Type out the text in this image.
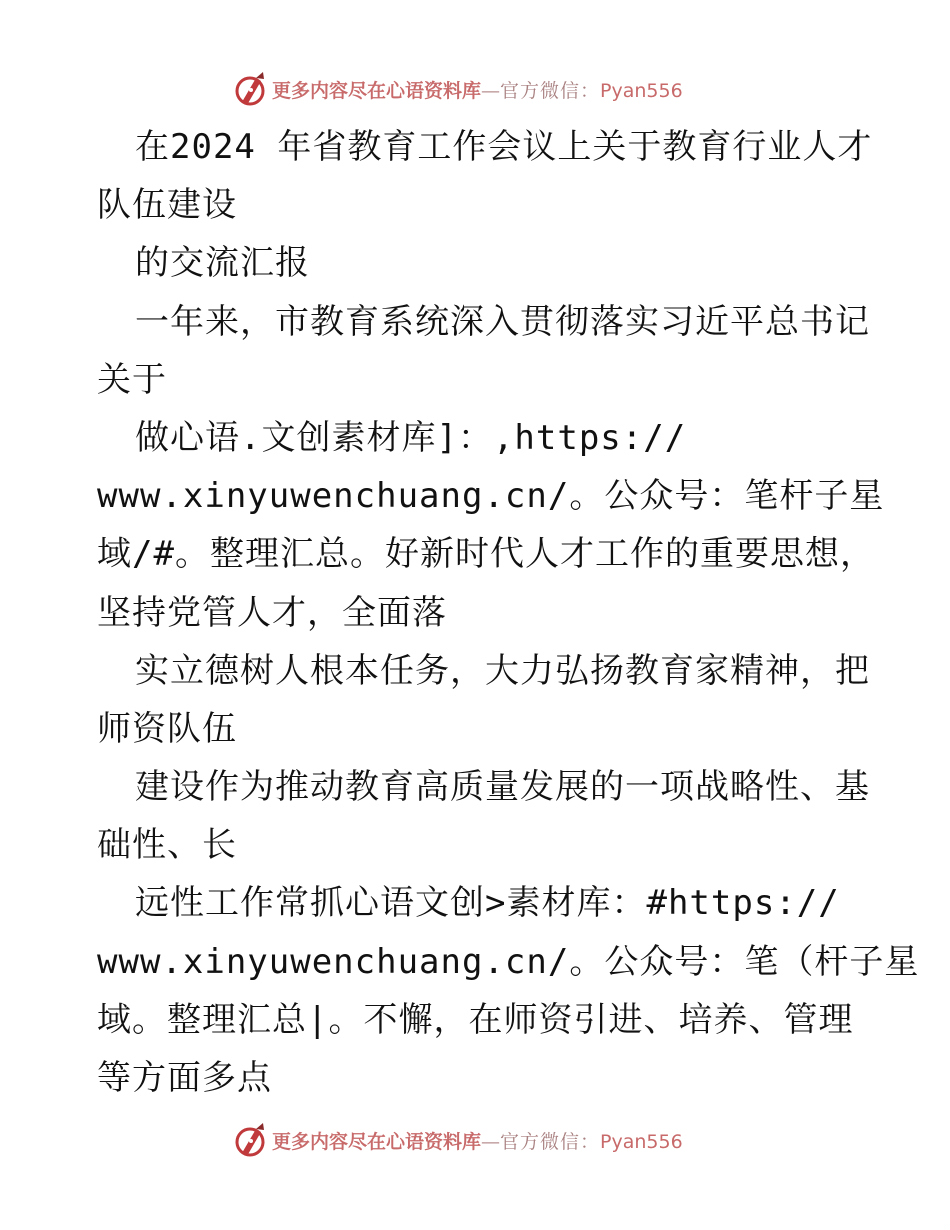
更多内容尽在心语资料库—官方微信：Pyan556
在2024 年省教育工作会议上关于教育行业人才
队伍建设
的交流汇报
一年来，市教育系统深入贯彻落实习近平总书记
关于
做心语.文创素材库]：,https://
www.xinyuwenchuang.cn/。公众号：笔杆子星
域/#。整理汇总。好新时代人才工作的重要思想，
坚持党管人才，全面落
实立德树人根本任务，大力弘扬教育家精神，把
师资队伍
建设作为推动教育高质量发展的一项战略性、基
础性、长
远性工作常抓心语文创>素材库：#https://
www.xinyuwenchuang.cn/。公众号：笔（杆子星
域。整理汇总|。不懈，在师资引进、培养、管理
等方面多点
更多内容尽在心语资料库—官方微信：Pyan556
